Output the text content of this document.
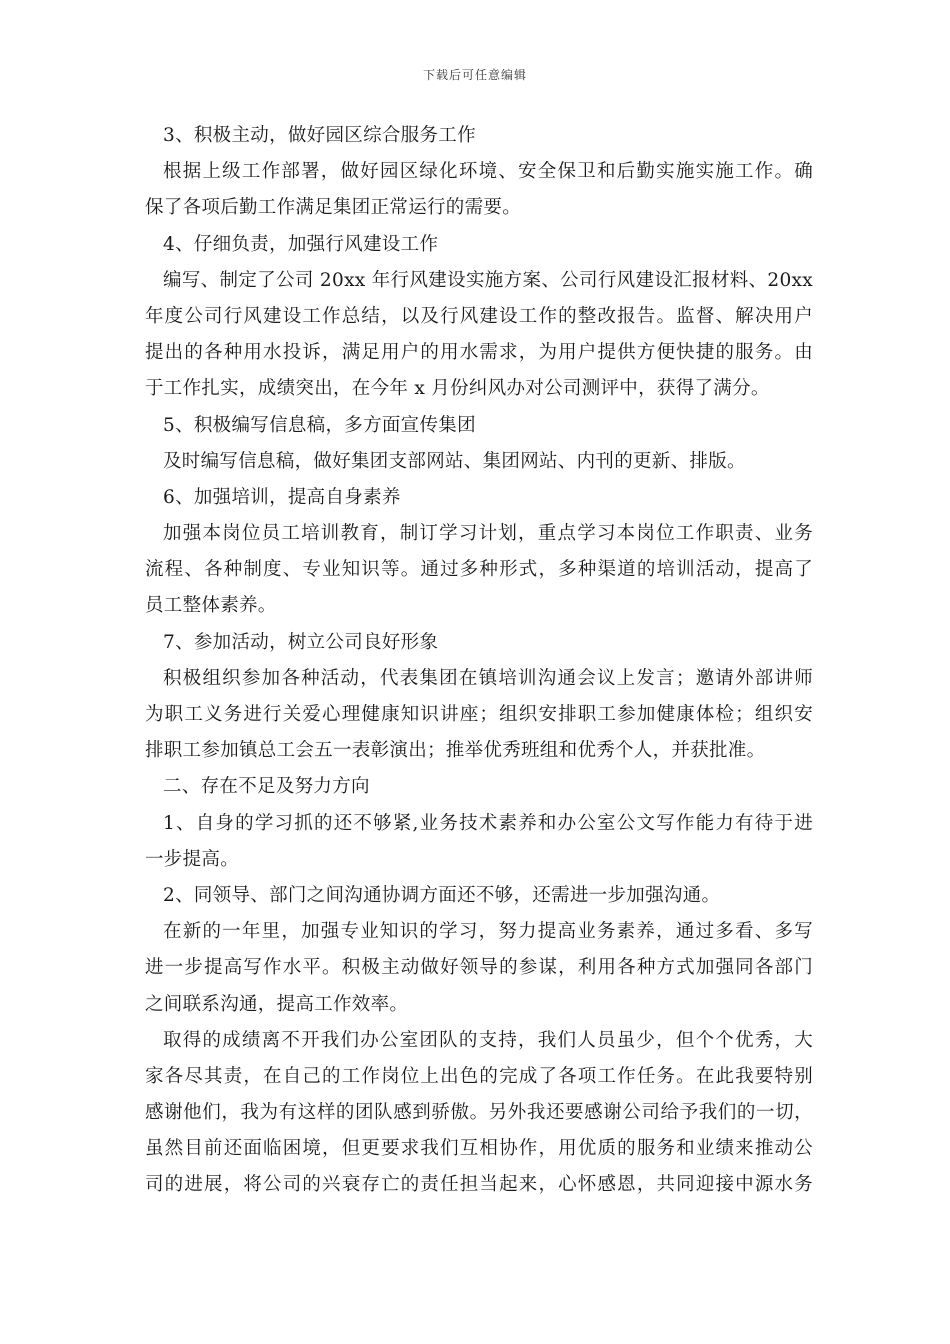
下载后可任意编辑
3、积极主动，做好园区综合服务工作
根据上级工作部署，做好园区绿化环境、安全保卫和后勤实施实施工作。确
保了各项后勤工作满足集团正常运行的需要。
4、仔细负责，加强行风建设工作
编写、制定了公司 20xx 年行风建设实施方案、公司行风建设汇报材料、20xx
年度公司行风建设工作总结，以及行风建设工作的整改报告。监督、解决用户
提出的各种用水投诉，满足用户的用水需求，为用户提供方便快捷的服务。由
于工作扎实，成绩突出，在今年 x 月份纠风办对公司测评中，获得了满分。
5、积极编写信息稿，多方面宣传集团
及时编写信息稿，做好集团支部网站、集团网站、内刊的更新、排版。
6、加强培训，提高自身素养
加强本岗位员工培训教育，制订学习计划，重点学习本岗位工作职责、业务
流程、各种制度、专业知识等。通过多种形式，多种渠道的培训活动，提高了
员工整体素养。
7、参加活动，树立公司良好形象
积极组织参加各种活动，代表集团在镇培训沟通会议上发言；邀请外部讲师
为职工义务进行关爱心理健康知识讲座；组织安排职工参加健康体检；组织安
排职工参加镇总工会五一表彰演出；推举优秀班组和优秀个人，并获批准。
二、存在不足及努力方向
1、自身的学习抓的还不够紧,业务技术素养和办公室公文写作能力有待于进
一步提高。
2、同领导、部门之间沟通协调方面还不够，还需进一步加强沟通。
在新的一年里，加强专业知识的学习，努力提高业务素养，通过多看、多写
进一步提高写作水平。积极主动做好领导的参谋，利用各种方式加强同各部门
之间联系沟通，提高工作效率。
取得的成绩离不开我们办公室团队的支持，我们人员虽少，但个个优秀，大
家各尽其责，在自己的工作岗位上出色的完成了各项工作任务。在此我要特别
感谢他们，我为有这样的团队感到骄傲。另外我还要感谢公司给予我们的一切，
虽然目前还面临困境，但更要求我们互相协作，用优质的服务和业绩来推动公
司的进展，将公司的兴衰存亡的责任担当起来，心怀感恩，共同迎接中源水务
